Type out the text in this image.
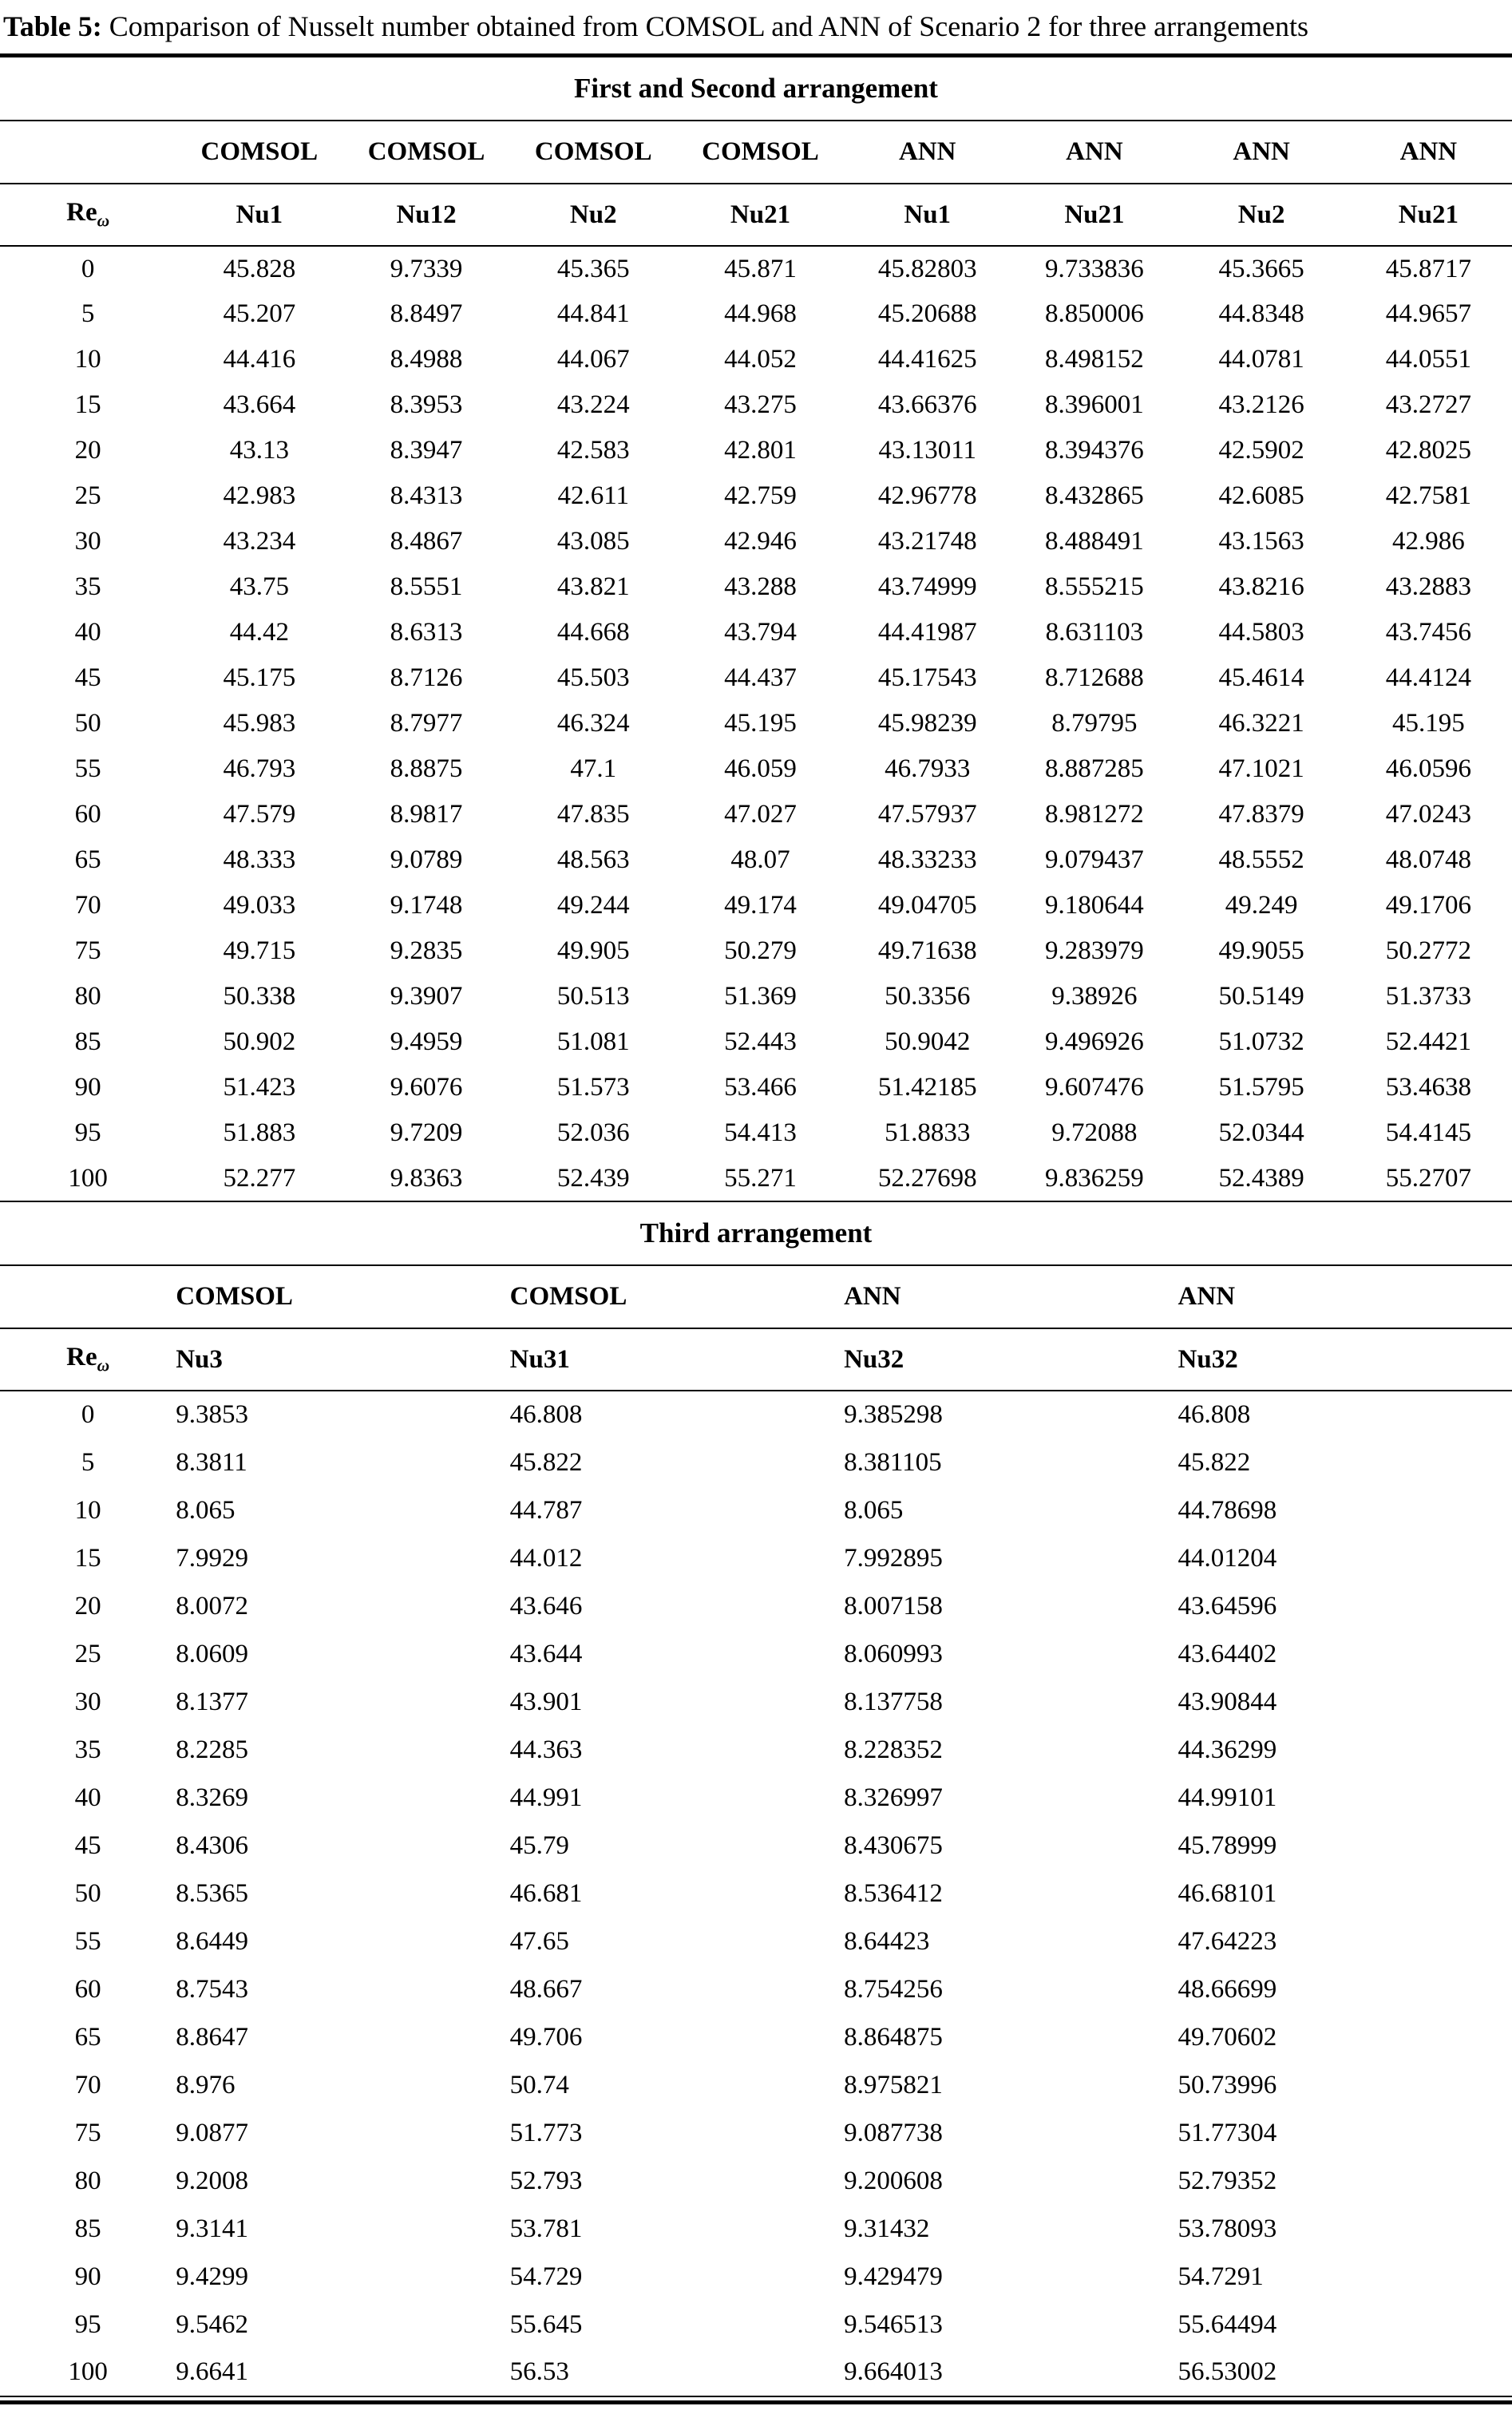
Table 5: Comparison of Nusselt number obtained from COMSOL and ANN of Scenario 2 for three arrangements
First and Second arrangement
	COMSOL	COMSOL	COMSOL	COMSOL	ANN	ANN	ANN	ANN
$Re_\omega$	Nu1	Nu12	Nu2	Nu21	Nu1	Nu21	Nu2	Nu21
0	45.828	9.7339	45.365	45.871	45.82803	9.733836	45.3665	45.8717
5	45.207	8.8497	44.841	44.968	45.20688	8.850006	44.8348	44.9657
10	44.416	8.4988	44.067	44.052	44.41625	8.498152	44.0781	44.0551
15	43.664	8.3953	43.224	43.275	43.66376	8.396001	43.2126	43.2727
20	43.13	8.3947	42.583	42.801	43.13011	8.394376	42.5902	42.8025
25	42.983	8.4313	42.611	42.759	42.96778	8.432865	42.6085	42.7581
30	43.234	8.4867	43.085	42.946	43.21748	8.488491	43.1563	42.986
35	43.75	8.5551	43.821	43.288	43.74999	8.555215	43.8216	43.2883
40	44.42	8.6313	44.668	43.794	44.41987	8.631103	44.5803	43.7456
45	45.175	8.7126	45.503	44.437	45.17543	8.712688	45.4614	44.4124
50	45.983	8.7977	46.324	45.195	45.98239	8.79795	46.3221	45.195
55	46.793	8.8875	47.1	46.059	46.7933	8.887285	47.1021	46.0596
60	47.579	8.9817	47.835	47.027	47.57937	8.981272	47.8379	47.0243
65	48.333	9.0789	48.563	48.07	48.33233	9.079437	48.5552	48.0748
70	49.033	9.1748	49.244	49.174	49.04705	9.180644	49.249	49.1706
75	49.715	9.2835	49.905	50.279	49.71638	9.283979	49.9055	50.2772
80	50.338	9.3907	50.513	51.369	50.3356	9.38926	50.5149	51.3733
85	50.902	9.4959	51.081	52.443	50.9042	9.496926	51.0732	52.4421
90	51.423	9.6076	51.573	53.466	51.42185	9.607476	51.5795	53.4638
95	51.883	9.7209	52.036	54.413	51.8833	9.72088	52.0344	54.4145
100	52.277	9.8363	52.439	55.271	52.27698	9.836259	52.4389	55.2707
Third arrangement
	COMSOL	COMSOL	ANN	ANN
$Re_\omega$	Nu3	Nu31	Nu32	Nu32
0	9.3853	46.808	9.385298	46.808
5	8.3811	45.822	8.381105	45.822
10	8.065	44.787	8.065	44.78698
15	7.9929	44.012	7.992895	44.01204
20	8.0072	43.646	8.007158	43.64596
25	8.0609	43.644	8.060993	43.64402
30	8.1377	43.901	8.137758	43.90844
35	8.2285	44.363	8.228352	44.36299
40	8.3269	44.991	8.326997	44.99101
45	8.4306	45.79	8.430675	45.78999
50	8.5365	46.681	8.536412	46.68101
55	8.6449	47.65	8.64423	47.64223
60	8.7543	48.667	8.754256	48.66699
65	8.8647	49.706	8.864875	49.70602
70	8.976	50.74	8.975821	50.73996
75	9.0877	51.773	9.087738	51.77304
80	9.2008	52.793	9.200608	52.79352
85	9.3141	53.781	9.31432	53.78093
90	9.4299	54.729	9.429479	54.7291
95	9.5462	55.645	9.546513	55.64494
100	9.6641	56.53	9.664013	56.53002
